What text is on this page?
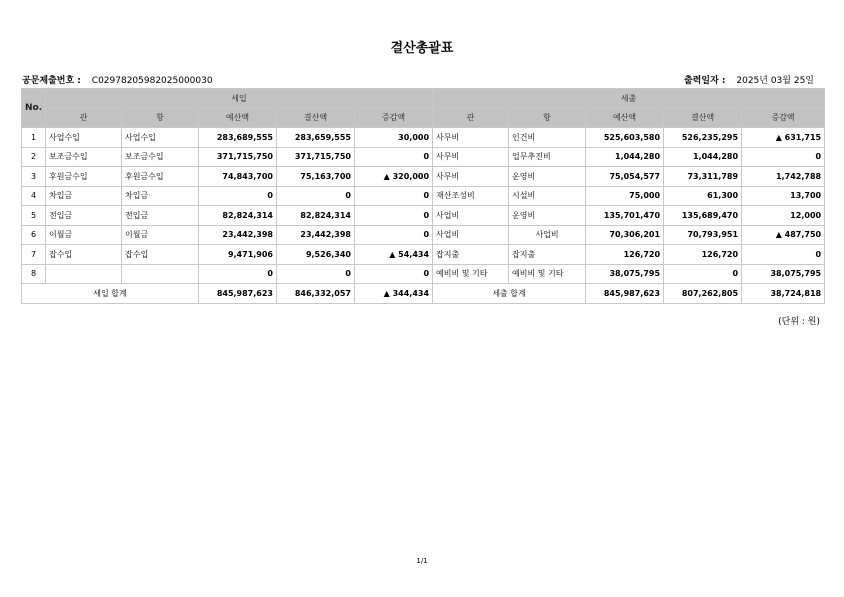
결산총괄표
공문제출번호 : C02978205982025000030	출력일자 : 2025년 03월 25일
No.	세입					세출				
	관	항	예산액	결산액	증감액	관	항	예산액	결산액	증감액
1	사업수입	사업수입	283,689,555	283,659,555	30,000	사무비	인건비	525,603,580	526,235,295	▲ 631,715
2	보조금수입	보조금수입	371,715,750	371,715,750	0	사무비	업무추진비	1,044,280	1,044,280	0
3	후원금수입	후원금수입	74,843,700	75,163,700	▲ 320,000	사무비	운영비	75,054,577	73,311,789	1,742,788
4	차입금	차입금	0	0	0	재산조성비	시설비	75,000	61,300	13,700
5	전입금	전입금	82,824,314	82,824,314	0	사업비	운영비	135,701,470	135,689,470	12,000
6	이월금	이월금	23,442,398	23,442,398	0	사업비	사업비	70,306,201	70,793,951	▲ 487,750
7	잡수입	잡수입	9,471,906	9,526,340	▲ 54,434	잡지출	잡지출	126,720	126,720	0
8			0	0	0	예비비 및 기타	예비비 및 기타	38,075,795	0	38,075,795
세입 합계			845,987,623	846,332,057	▲ 344,434	세출 합계		845,987,623	807,262,805	38,724,818
(단위 : 원)
1/1
